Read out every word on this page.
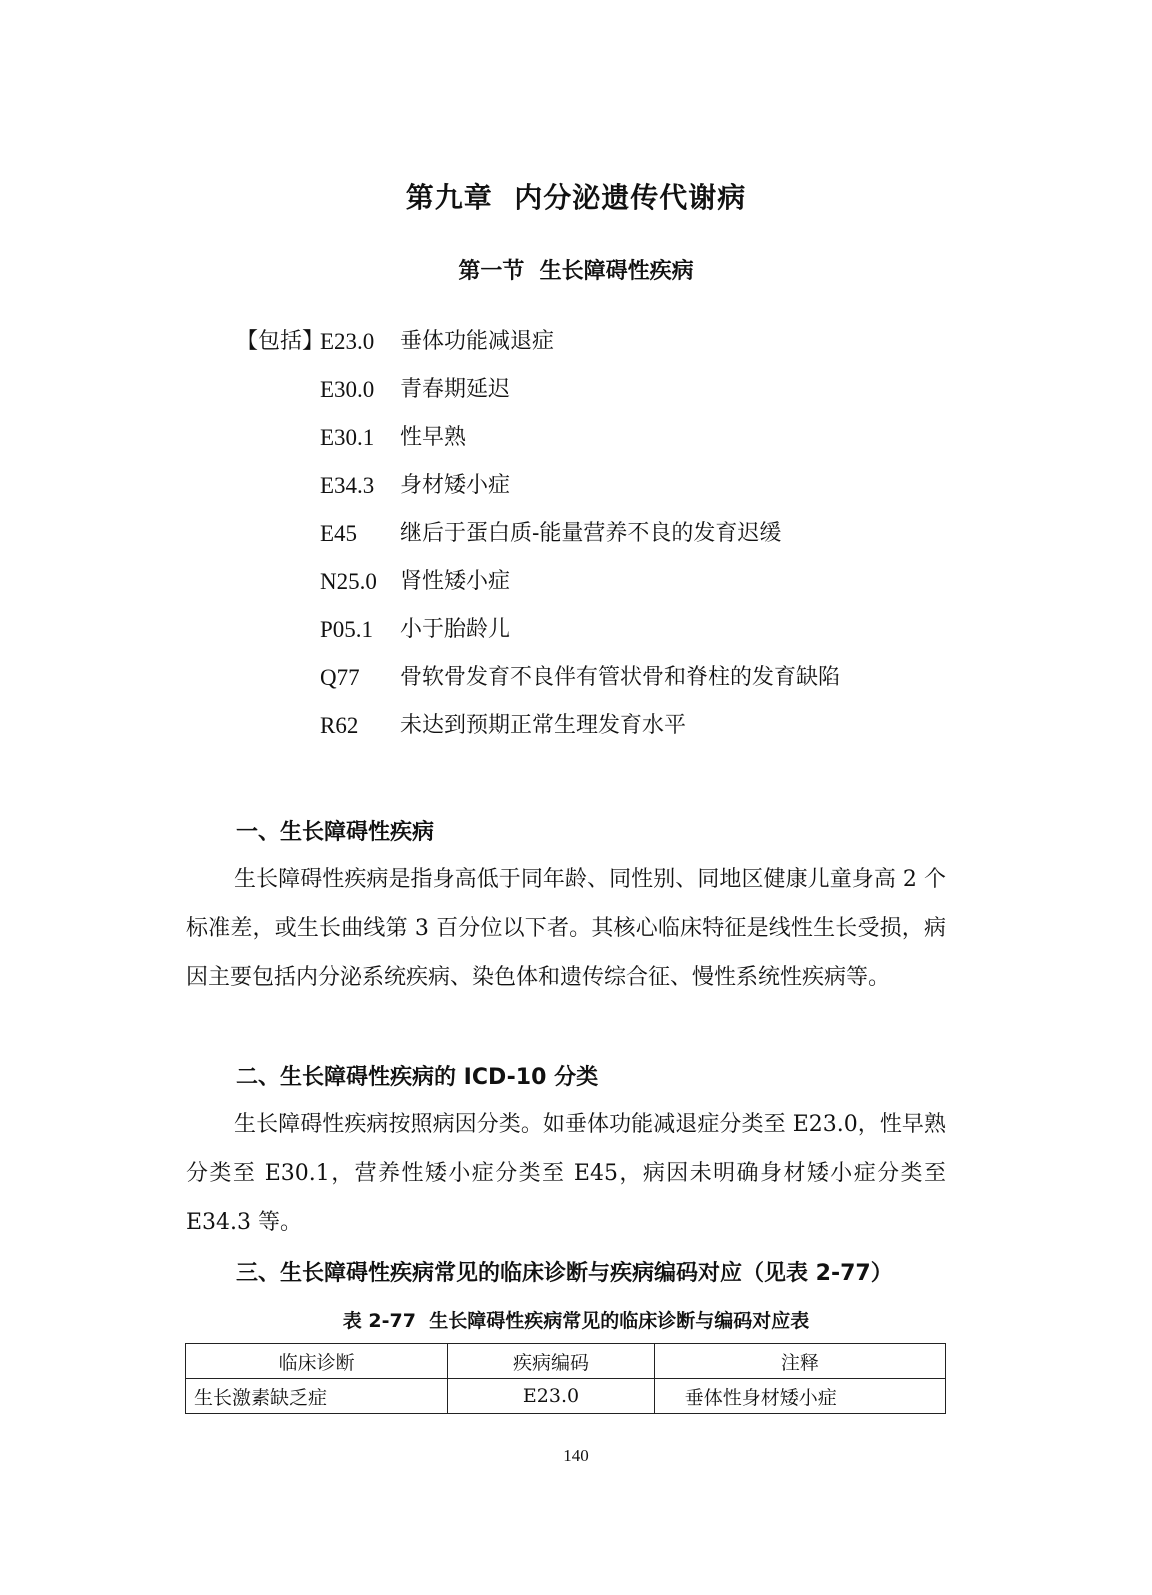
第九章  内分泌遗传代谢病
第一节  生长障碍性疾病
【包括】
E23.0 垂体功能减退症
E30.0 青春期延迟
E30.1 性早熟
E34.3 身材矮小症
E45 继后于蛋白质-能量营养不良的发育迟缓
N25.0 肾性矮小症
P05.1 小于胎龄儿
Q77 骨软骨发育不良伴有管状骨和脊柱的发育缺陷
R62 未达到预期正常生理发育水平
一、生长障碍性疾病

生长障碍性疾病是指身高低于同年龄、同性别、同地区健康儿童身高 2 个标准差，或生长曲线第 3 百分位以下者。其核心临床特征是线性生长受损，病因主要包括内分泌系统疾病、染色体和遗传综合征、慢性系统性疾病等。

二、生长障碍性疾病的 ICD-10 分类

生长障碍性疾病按照病因分类。如垂体功能减退症分类至 E23.0，性早熟分类至 E30.1，营养性矮小症分类至 E45，病因未明确身材矮小症分类至 E34.3 等。

三、生长障碍性疾病常见的临床诊断与疾病编码对应（见表 2-77）
表 2-77  生长障碍性疾病常见的临床诊断与编码对应表
临床诊断	疾病编码	注释
生长激素缺乏症	E23.0	垂体性身材矮小症
140
